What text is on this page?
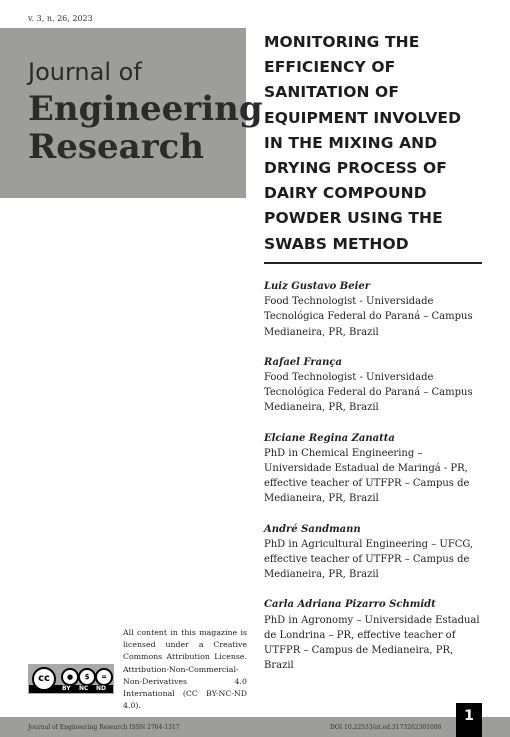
v. 3, n. 26, 2023
Journal of
Engineering
Research
MONITORING THE EFFICIENCY OF SANITATION OF EQUIPMENT INVOLVED IN THE MIXING AND DRYING PROCESS OF DAIRY COMPOUND POWDER USING THE SWABS METHOD
Luiz Gustavo Beier
Food Technologist - Universidade Tecnológica Federal do Paraná – Campus Medianeira, PR, Brazil
Rafael França
Food Technologist - Universidade Tecnológica Federal do Paraná – Campus Medianeira, PR, Brazil
Elciane Regina Zanatta
PhD in Chemical Engineering – Universidade Estadual de Maringá - PR, effective teacher of UTFPR – Campus de Medianeira, PR, Brazil
André Sandmann
PhD in Agricultural Engineering – UFCG, effective teacher of UTFPR – Campus de Medianeira, PR, Brazil
Carla Adriana Pizarro Schmidt
PhD in Agronomy – Universidade Estadual de Londrina – PR, effective teacher of UTFPR – Campus de Medianeira, PR, Brazil
All content in this magazine is licensed under a Creative Commons Attribution License. Attribution-Non-Commercial-Non-Derivatives 4.0 International (CC BY-NC-ND 4.0).
cc	●	$	=
BY NC ND
Journal of Engineering Research ISSN 2764-1317	DOI 10.22533/at.ed.3173262301086
1
